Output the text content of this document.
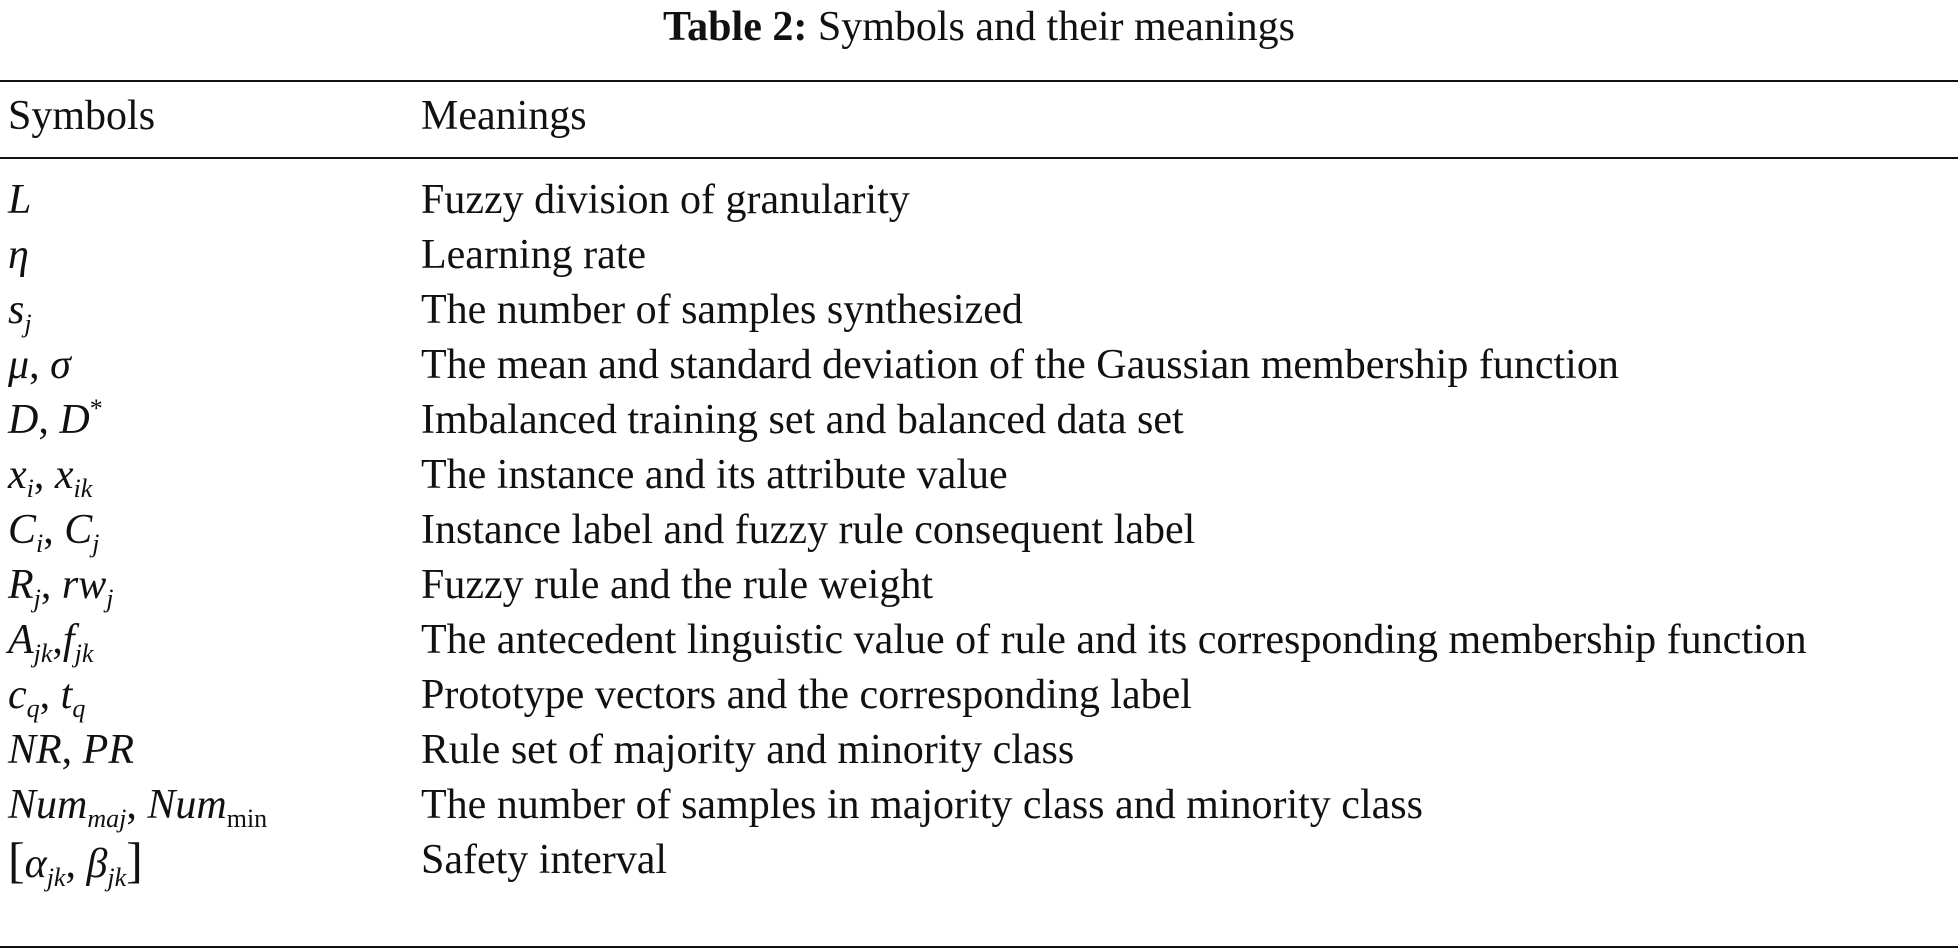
Table 2: Symbols and their meanings
Symbols	Meanings
L	Fuzzy division of granularity
η	Learning rate
$s_j$	The number of samples synthesized
μ, σ	The mean and standard deviation of the Gaussian membership function
D, D*	Imbalanced training set and balanced data set
$x_i$, $x_{ik}$	The instance and its attribute value
$C_i$, $C_j$	Instance label and fuzzy rule consequent label
$R_j$, $rw_j$	Fuzzy rule and the rule weight
$A_{jk},f_{jk}$	The antecedent linguistic value of rule and its corresponding membership function
$c_q$, $t_q$	Prototype vectors and the corresponding label
NR, PR	Rule set of majority and minority class
Num$_{maj}$, Num$_{min}$	The number of samples in majority class and minority class
[$\alpha_{jk}$, $\beta_{jk}$]	Safety interval
